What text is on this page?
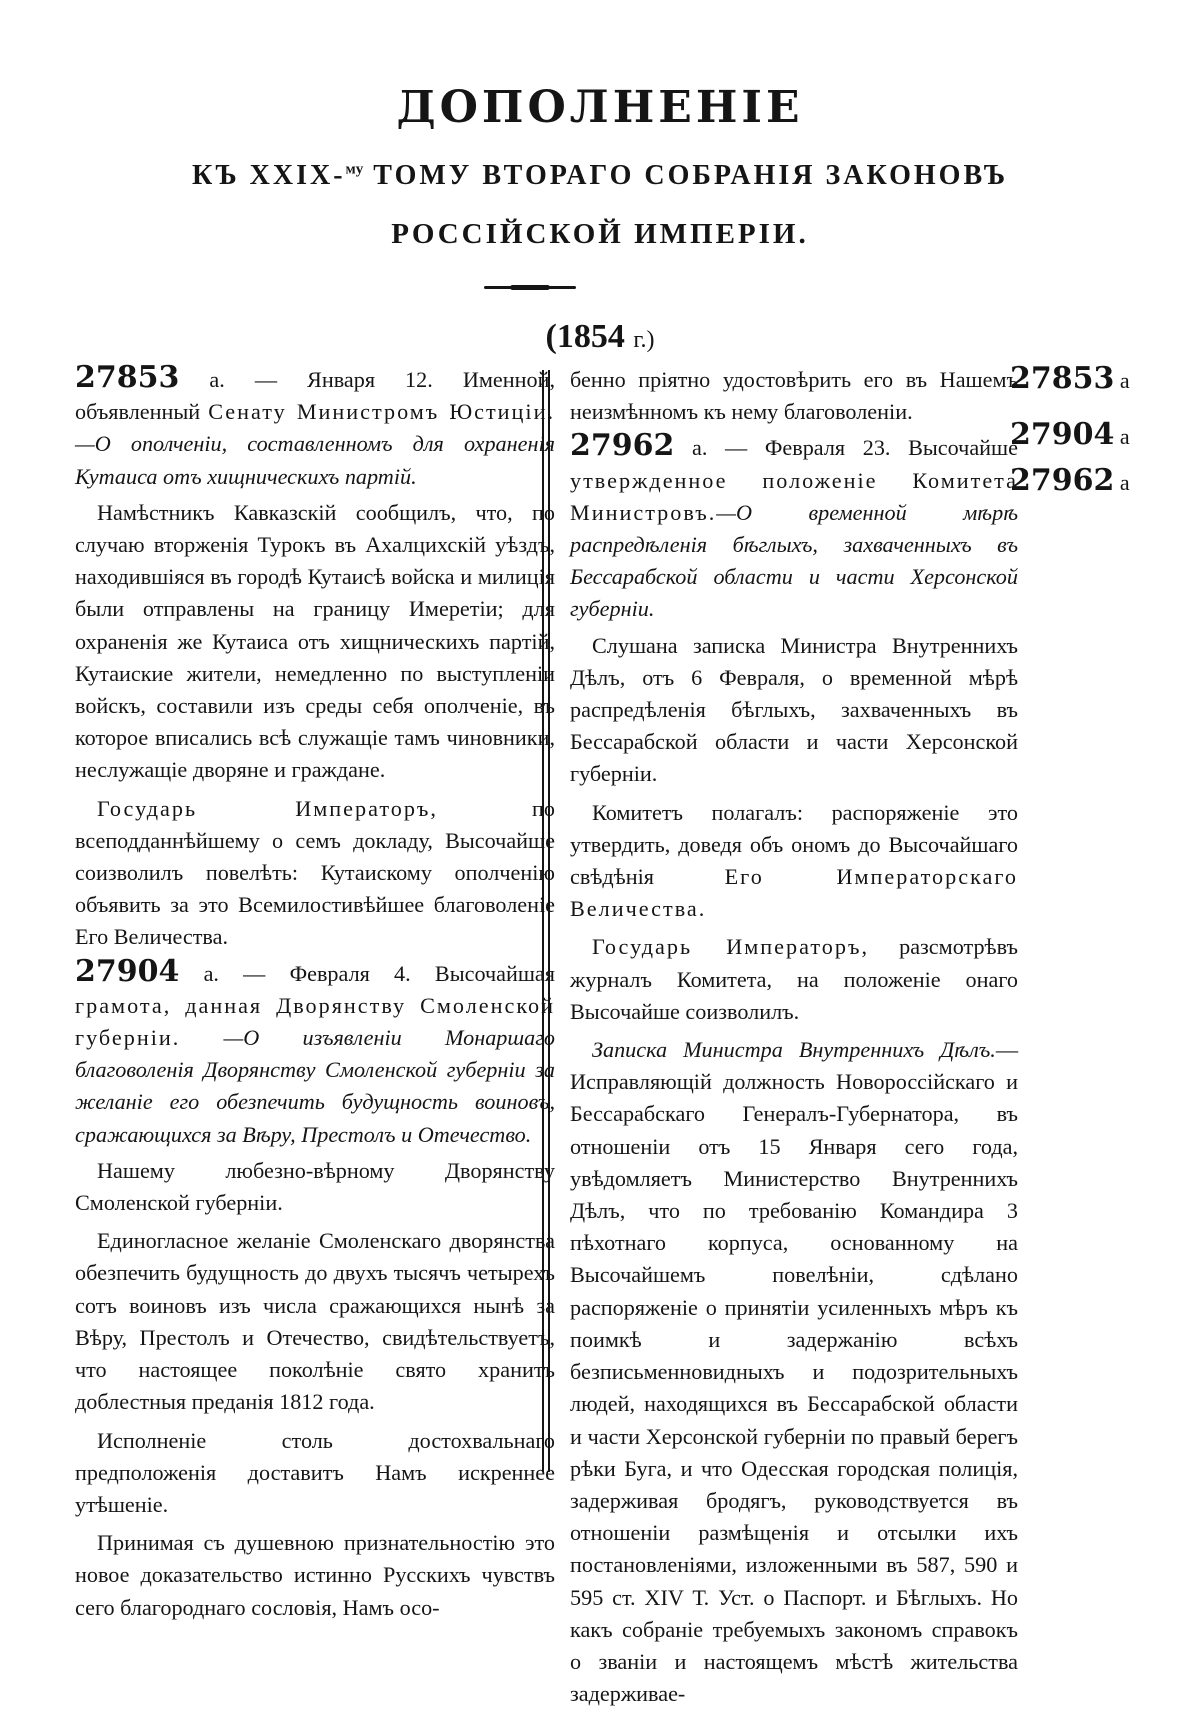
ДОПОЛНЕНІЕ
КЪ XXIX-$^{му}$ ТОМУ ВТОРАГО СОБРАНІЯ ЗАКОНОВЪ
РОССІЙСКОЙ ИМПЕРІИ.
(1854 г.)

27853 а. — Января 12. Именной, объявленный Сенату Министромъ Юстиціи.—О ополченіи, составленномъ для охраненія Кутаиса отъ хищническихъ партій.

Намѣстникъ Кавказскій сообщилъ, что, по случаю вторженія Турокъ въ Ахалцихскій уѣздъ, находившіяся въ городѣ Кутаисѣ войска и милиція были отправлены на границу Имеретіи; для охраненія же Кутаиса отъ хищническихъ партій, Кутаиские жители, немедленно по выступленіи войскъ, составили изъ среды себя ополченіе, въ которое вписались всѣ служащіе тамъ чиновники, неслужащіе дворяне и граждане.

Государь Императоръ, по всеподданнѣйшему о семъ докладу, Высочайше соизволилъ повелѣть: Кутаискому ополченію объявить за это Всемилостивѣйшее благоволеніе Его Величества.

27904 а. — Февраля 4. Высочайшая грамота, данная Дворянству Смоленской губерніи. —О изъявленіи Монаршаго благоволенія Дворянству Смоленской губерніи за желаніе его обезпечить будущность воиновъ, сражающихся за Вѣру, Престолъ и Отечество.

Нашему любезно-вѣрному Дворянству Смоленской губерніи.

Единогласное желаніе Смоленскаго дворянства обезпечить будущность до двухъ тысячъ четырехъ сотъ воиновъ изъ числа сражающихся нынѣ за Вѣру, Престолъ и Отечество, свидѣтельствуетъ, что настоящее поколѣніе свято хранитъ доблестныя преданія 1812 года.

Исполненіе столь достохвальнаго предположенія доставитъ Намъ искреннее утѣшеніе.

Принимая съ душевною признательностію это новое доказательство истинно Русскихъ чувствъ сего благороднаго сословія, Намъ осо-

бенно пріятно удостовѣрить его въ Нашемъ неизмѣнномъ къ нему благоволеніи.

27962 а. — Февраля 23. Высочайше утвержденное положеніе Комитета Министровъ.—О временной мѣрѣ распредѣленія бѣглыхъ, захваченныхъ въ Бессарабской области и части Херсонской губерніи.

Слушана записка Министра Внутреннихъ Дѣлъ, отъ 6 Февраля, о временной мѣрѣ распредѣленія бѣглыхъ, захваченныхъ въ Бессарабской области и части Херсонской губерніи.

Комитетъ полагалъ: распоряженіе это утвердить, доведя объ ономъ до Высочайшаго свѣдѣнія Его Императорскаго Величества.

Государь Императоръ, разсмотрѣвъ журналъ Комитета, на положеніе онаго Высочайше соизволилъ.

Записка Министра Внутреннихъ Дѣлъ.— Исправляющій должность Новороссійскаго и Бессарабскаго Генералъ-Губернатора, въ отношеніи отъ 15 Января сего года, увѣдомляетъ Министерство Внутреннихъ Дѣлъ, что по требованію Командира 3 пѣхотнаго корпуса, основанному на Высочайшемъ повелѣніи, сдѣлано распоряженіе о принятіи усиленныхъ мѣръ къ поимкѣ и задержанію всѣхъ безписьменновидныхъ и подозрительныхъ людей, находящихся въ Бессарабской области и части Херсонской губерніи по правый берегъ рѣки Буга, и что Одесская городская полиція, задерживая бродягъ, руководствуется въ отношеніи размѣщенія и отсылки ихъ постановленіями, изложенными въ 587, 590 и 595 ст. XIV Т. Уст. о Паспорт. и Бѣглыхъ. Но какъ собраніе требуемыхъ закономъ справокъ о званіи и настоящемъ мѣстѣ жительства задерживае-

27853 а
27904 а
27962 а
